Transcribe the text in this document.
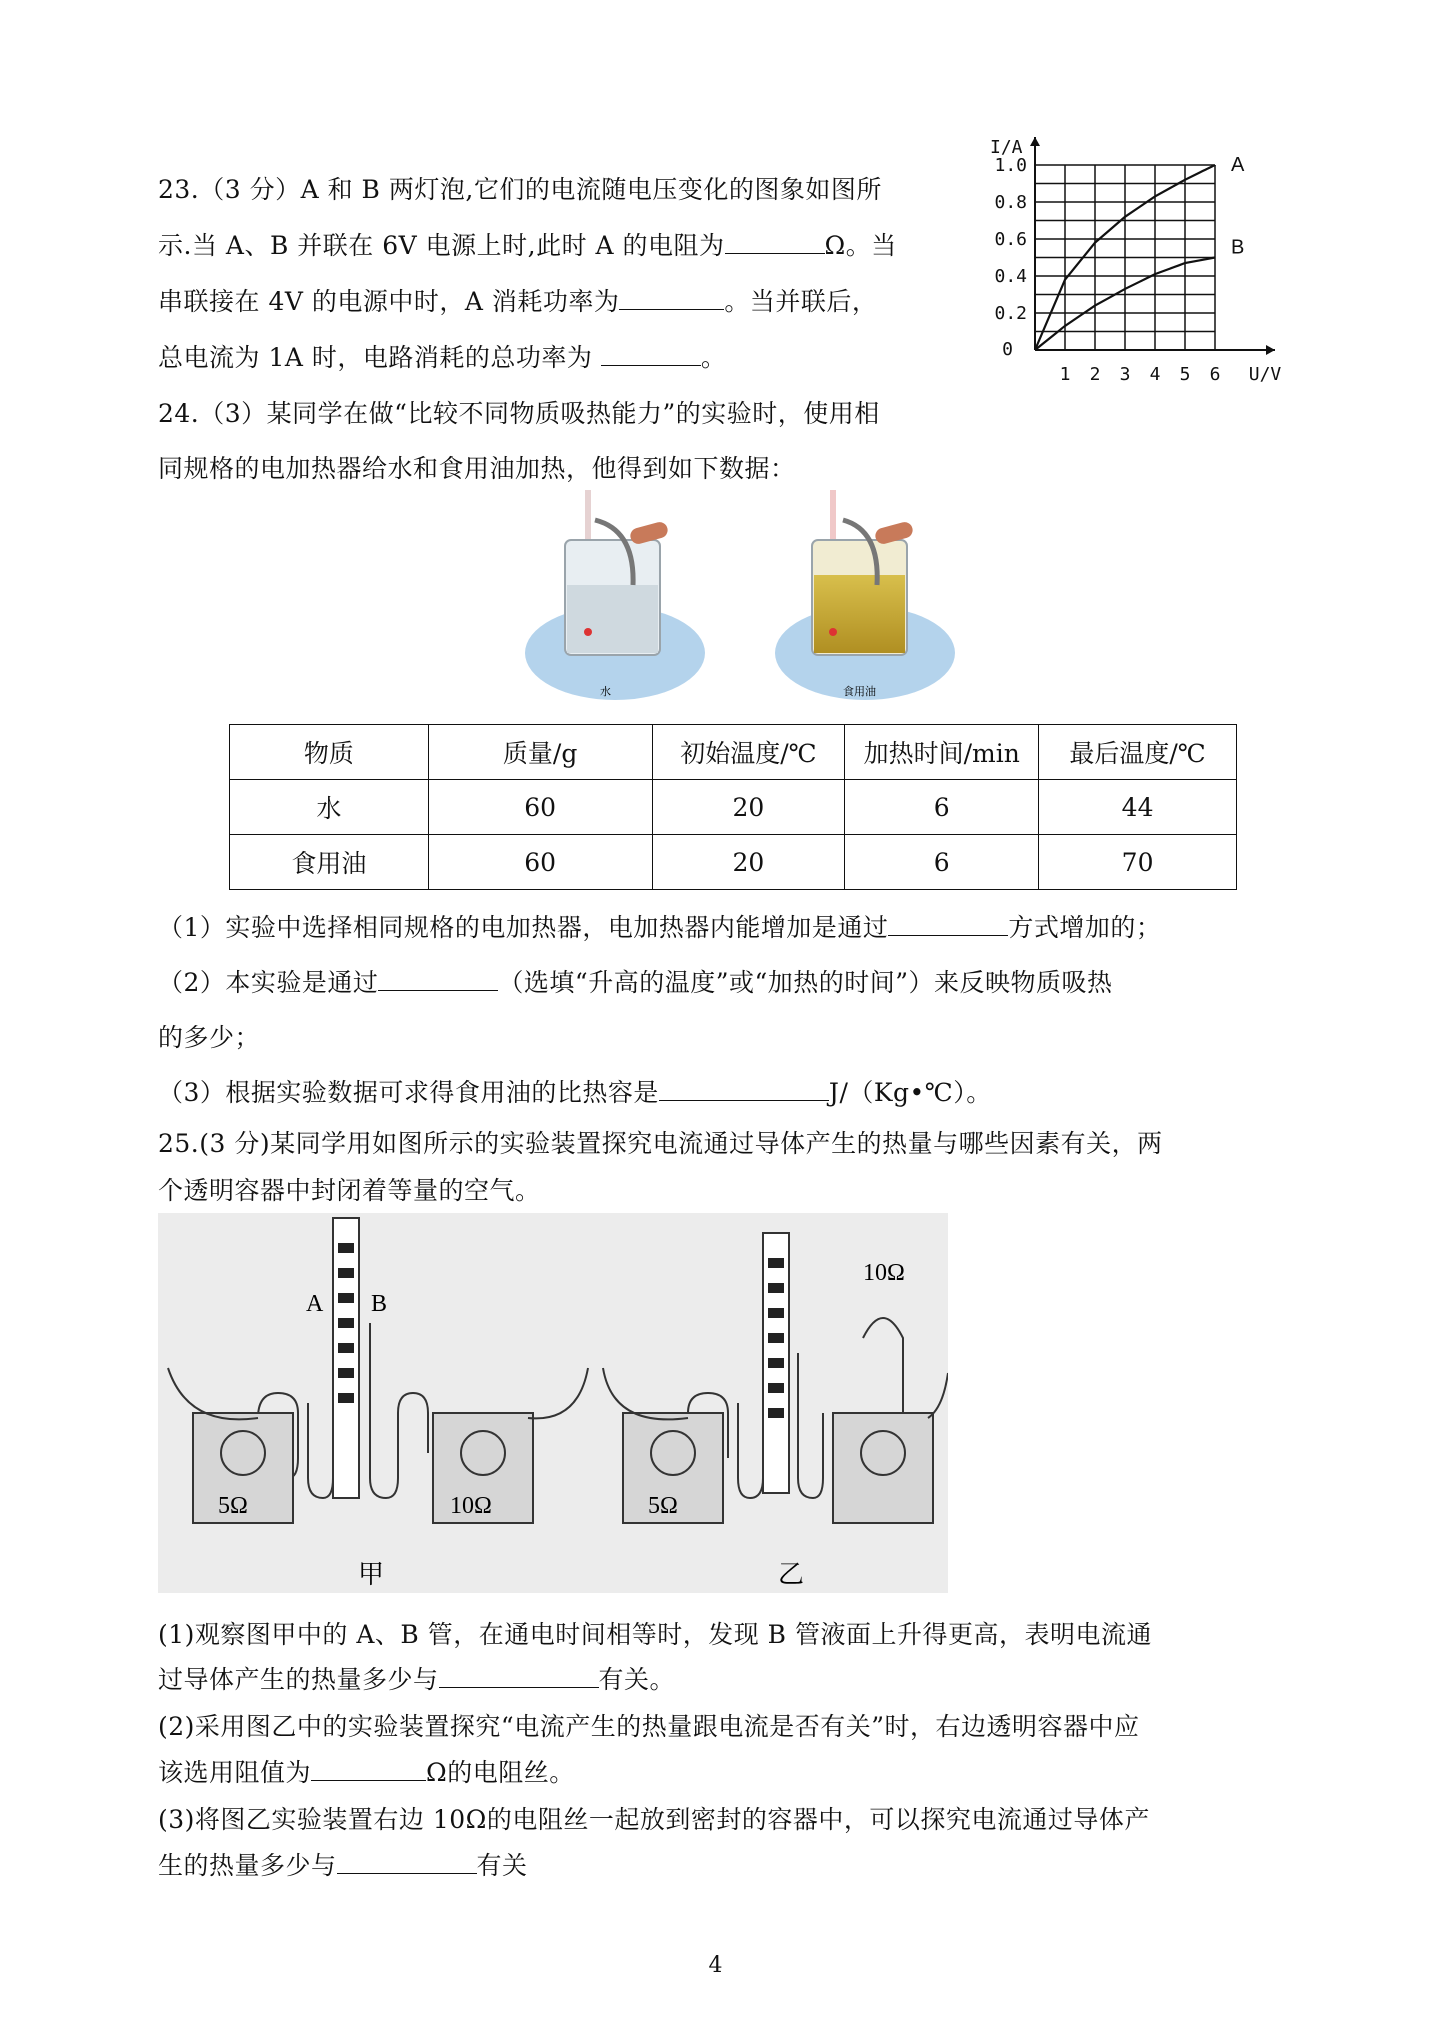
23.（3 分）A 和 B 两灯泡,它们的电流随电压变化的图象如图所
示.当 A、B 并联在 6V 电源上时,此时 A 的电阻为	Ω。当
串联接在 4V 的电源中时，A 消耗功率为	。当并联后，
总电流为 1A 时，电路消耗的总功率为	。
1.0
0.8
0.6
0.4
0.2
1 2 3 4 5 6
0
I/A
U/V
A
B
24.（3）某同学在做“比较不同物质吸热能力”的实验时，使用相
同规格的电加热器给水和食用油加热，他得到如下数据：
水	食用油
物质	质量/g	初始温度/℃	加热时间/min	最后温度/℃
水	60	20	6	44
食用油	60	20	6	70
（1）实验中选择相同规格的电加热器，电加热器内能增加是通过	方式增加的；
（2）本实验是通过	（选填“升高的温度”或“加热的时间”）来反映物质吸热
的多少；
（3）根据实验数据可求得食用油的比热容是	J/（Kg•℃）。
25.(3 分)某同学用如图所示的实验装置探究电流通过导体产生的热量与哪些因素有关，两
个透明容器中封闭着等量的空气。
A B
5Ω	10Ω
甲
10Ω
5Ω
乙
(1)观察图甲中的 A、B 管，在通电时间相等时，发现 B 管液面上升得更高，表明电流通
过导体产生的热量多少与	有关。
(2)采用图乙中的实验装置探究“电流产生的热量跟电流是否有关”时，右边透明容器中应
该选用阻值为	Ω的电阻丝。
(3)将图乙实验装置右边 10Ω的电阻丝一起放到密封的容器中，可以探究电流通过导体产
生的热量多少与	有关
4
